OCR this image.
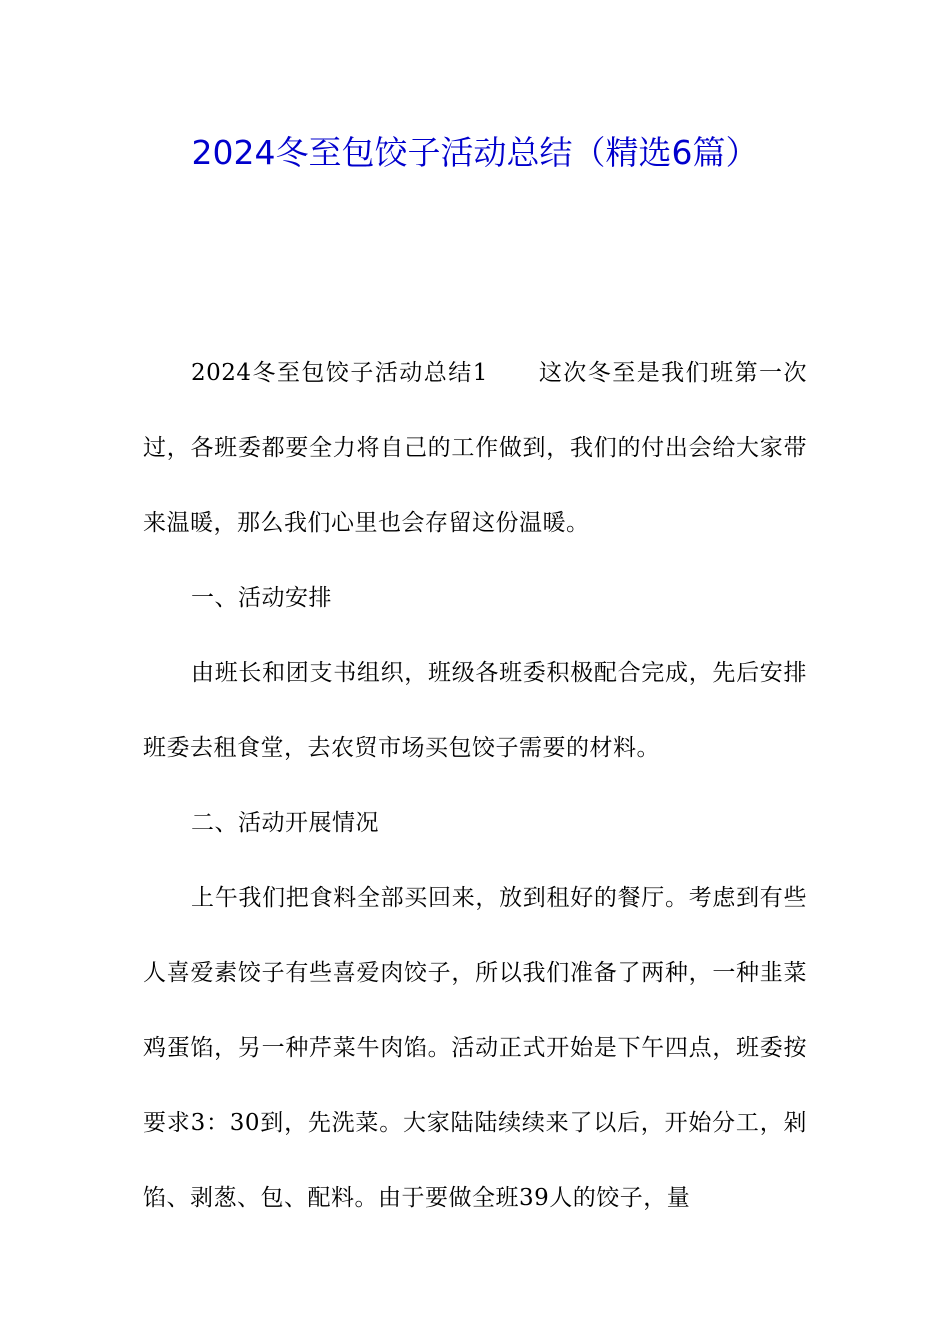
2024冬至包饺子活动总结（精选6篇）

2024冬至包饺子活动总结1 这次冬至是我们班第一次过，各班委都要全力将自己的工作做到，我们的付出会给大家带来温暖，那么我们心里也会存留这份温暖。

一、活动安排

由班长和团支书组织，班级各班委积极配合完成，先后安排班委去租食堂，去农贸市场买包饺子需要的材料。

二、活动开展情况

上午我们把食料全部买回来，放到租好的餐厅。考虑到有些人喜爱素饺子有些喜爱肉饺子，所以我们准备了两种，一种韭菜鸡蛋馅，另一种芹菜牛肉馅。活动正式开始是下午四点，班委按要求3：30到，先洗菜。大家陆陆续续来了以后，开始分工，剁馅、剥葱、包、配料。由于要做全班39人的饺子，量
